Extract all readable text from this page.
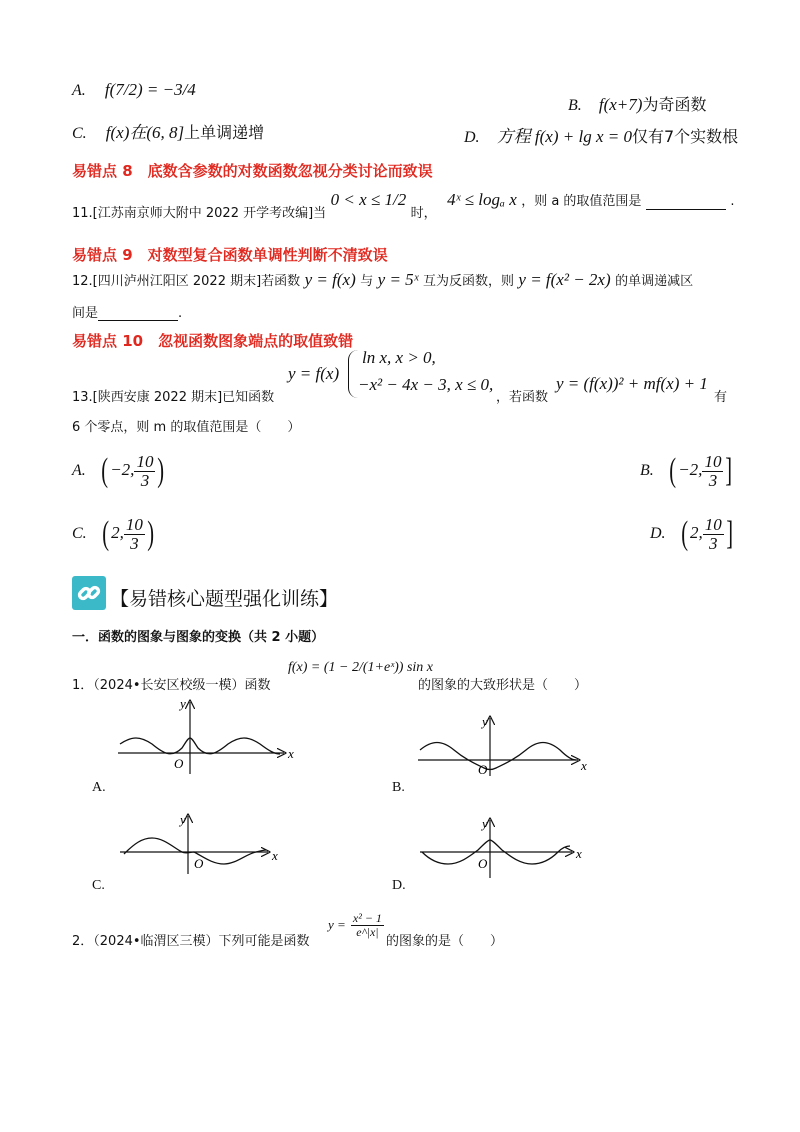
A. f(7/2) = −3/4
B. f(x+7)为奇函数
C. f(x)在(6, 8]上单调递增	D. 方程 f(x) + lg x = 0仅有7个实数根
易错点 8　底数含参数的对数函数忽视分类讨论而致误
11.[江苏南京师大附中 2022 开学考改编]当 0 < x ≤ 1/2 时， 4ˣ ≤ logₐ x ，则 a 的取值范围是	.
易错点 9　对数型复合函数单调性判断不清致误
12.[四川泸州江阳区 2022 期末]若函数 y = f(x) 与 y = 5ˣ 互为反函数，则 y = f(x² − 2x) 的单调递减区
间是	.
易错点 10　忽视函数图象端点的取值致错
13.[陕西安康 2022 期末]已知函数
y = f(x)
ln x, x > 0,
−x² − 4x − 3, x ≤ 0,
，若函数
y = (f(x))² + mf(x) + 1
有
6 个零点，则 m 的取值范围是（　　）
A. ( −2, $\frac{10}{3}$ )	B. ( −2, $\frac{10}{3}$ ]
C. ( 2, $\frac{10}{3}$ )	D. ( 2, $\frac{10}{3}$ ]
【易错核心题型强化训练】
一．函数的图象与图象的变换（共 2 小题）
1．（2024•长安区校级一模）函数
f(x) = (1 − 2/(1+eˣ)) sin x
的图象的大致形状是（　　）
x
y
O
A.
x
y
O
B.
x
y
O
C.
x
y
O
D.
2．（2024•临渭区三模）下列可能是函数
$y = \frac{\text{x² − 1}}{e\^{}|x|}$
的图象的是（　　）
